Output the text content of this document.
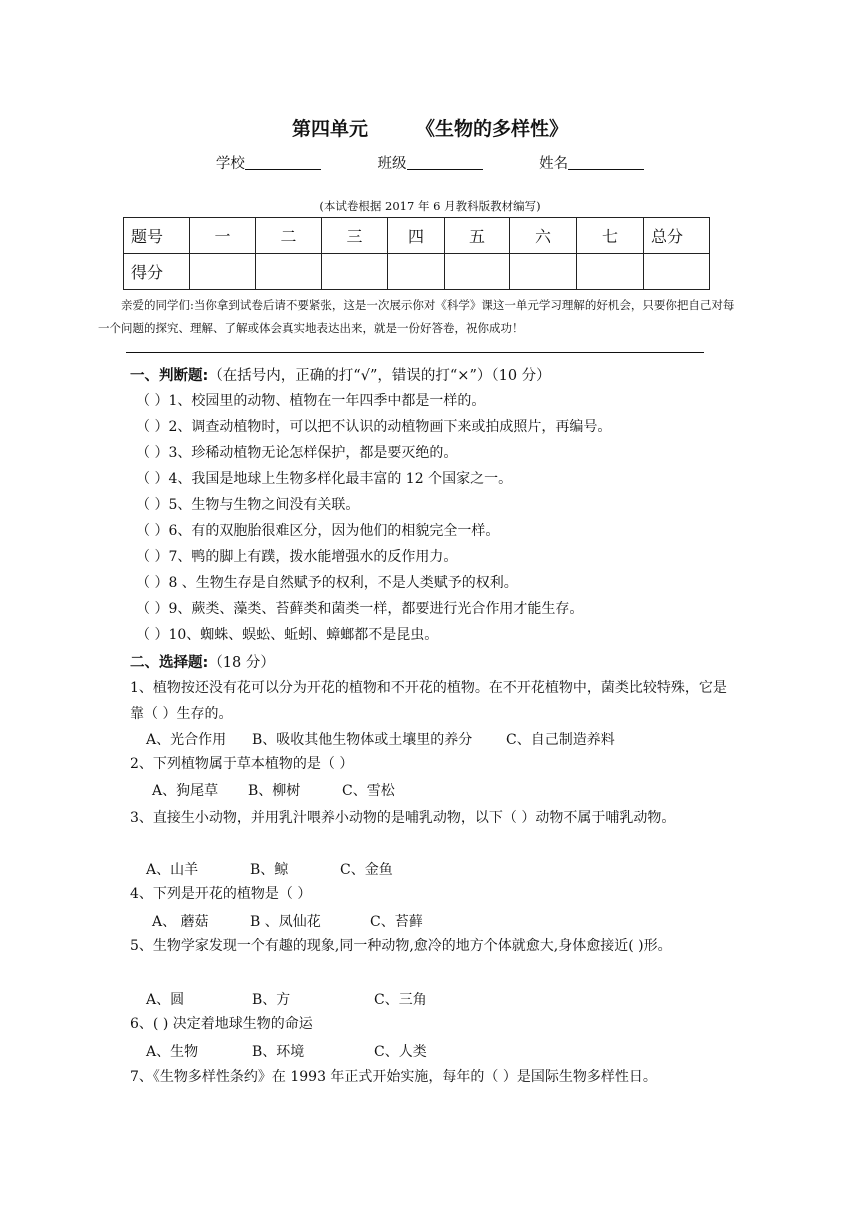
第四单元	《生物的多样性》
学校	班级	姓名
(本试卷根据 2017 年 6 月教科版教材编写)
题号	一	二	三	四	五	六	七	总分
得分								
亲爱的同学们:当你拿到试卷后请不要紧张，这是一次展示你对《科学》课这一单元学习理解的好机会，只要你把自己对每一个问题的探究、理解、了解或体会真实地表达出来，就是一份好答卷，祝你成功！
一、判断题:（在括号内，正确的打“√”，错误的打“×”）（10 分）
（ ）1、校园里的动物、植物在一年四季中都是一样的。
（ ）2、调查动植物时，可以把不认识的动植物画下来或拍成照片，再编号。
（ ）3、珍稀动植物无论怎样保护，都是要灭绝的。
（ ）4、我国是地球上生物多样化最丰富的 12 个国家之一。
（ ）5、生物与生物之间没有关联。
（ ）6、有的双胞胎很难区分，因为他们的相貌完全一样。
（ ）7、鸭的脚上有蹼，拨水能增强水的反作用力。
（ ）8 、生物生存是自然赋予的权利，不是人类赋予的权利。
（ ）9、蕨类、藻类、苔藓类和菌类一样，都要进行光合作用才能生存。
（ ）10、蜘蛛、蜈蚣、蚯蚓、蟑螂都不是昆虫。
二、选择题:（18 分）
1、植物按还没有花可以分为开花的植物和不开花的植物。在不开花植物中，菌类比较特殊，它是靠（ ）生存的。
A、光合作用 B、吸收其他生物体或土壤里的养分 C、自己制造养料
2、下列植物属于草本植物的是（ ）
A、狗尾草 B、柳树	C、雪松
3、直接生小动物，并用乳汁喂养小动物的是哺乳动物，以下（ ）动物不属于哺乳动物。
A、山羊	B、鲸	C、金鱼
4、下列是开花的植物是（ ）
A、 蘑菇	B 、凤仙花	C、苔藓
5、生物学家发现一个有趣的现象,同一种动物,愈冷的地方个体就愈大,身体愈接近( )形。
A、圆	B、方	C、三角
6、( ) 决定着地球生物的命运
A、生物	B、环境	C、人类
7、《生物多样性条约》在 1993 年正式开始实施，每年的（ ）是国际生物多样性日。
